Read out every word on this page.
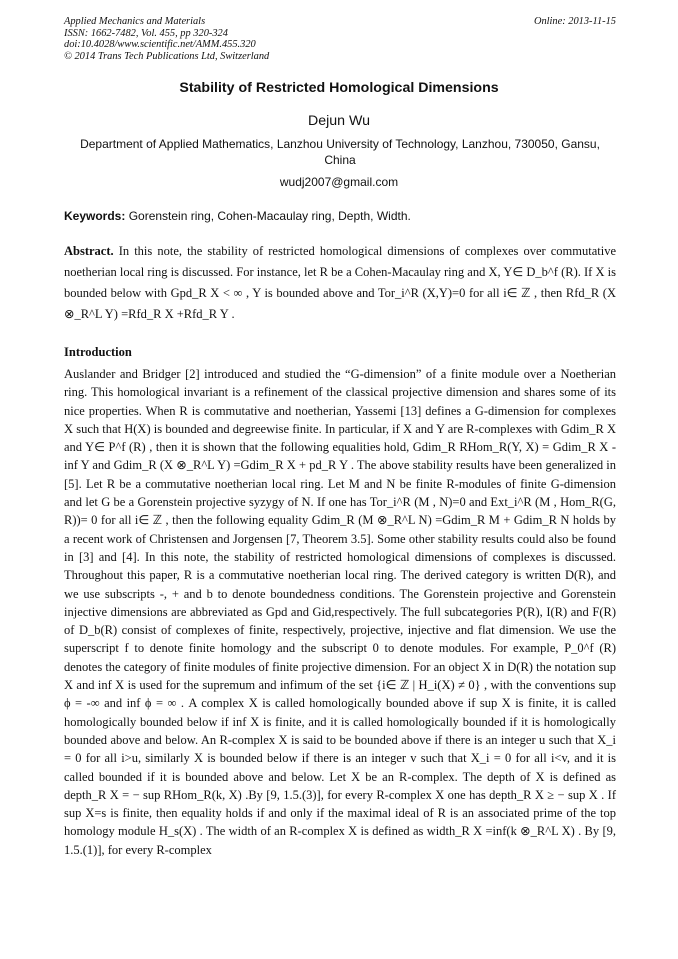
Applied Mechanics and Materials
ISSN: 1662-7482, Vol. 455, pp 320-324
doi:10.4028/www.scientific.net/AMM.455.320
© 2014 Trans Tech Publications Ltd, Switzerland
Online: 2013-11-15
Stability of Restricted Homological Dimensions
Dejun Wu
Department of Applied Mathematics, Lanzhou University of Technology, Lanzhou, 730050, Gansu, China
wudj2007@gmail.com
Keywords: Gorenstein ring, Cohen-Macaulay ring, Depth, Width.
Abstract. In this note, the stability of restricted homological dimensions of complexes over commutative noetherian local ring is discussed. For instance, let R be a Cohen-Macaulay ring and X, Y∈ D_b^f (R). If X is bounded below with Gpd_R X < ∞ , Y is bounded above and Tor_i^R (X,Y)=0 for all i∈ ℤ , then Rfd_R (X ⊗_R^L Y) =Rfd_R X +Rfd_R Y .
Introduction
Auslander and Bridger [2] introduced and studied the “G-dimension” of a finite module over a Noetherian ring. This homological invariant is a refinement of the classical projective dimension and shares some of its nice properties. When R is commutative and noetherian, Yassemi [13] defines a G-dimension for complexes X such that H(X) is bounded and degreewise finite. In particular, if X and Y are R-complexes with Gdim_R X and Y∈ P^f (R) , then it is shown that the following equalities hold, Gdim_R RHom_R(Y, X) = Gdim_R X - inf Y and Gdim_R (X ⊗_R^L Y) =Gdim_R X + pd_R Y . The above stability results have been generalized in [5]. Let R be a commutative noetherian local ring. Let M and N be finite R-modules of finite G-dimension and let G be a Gorenstein projective syzygy of N. If one has Tor_i^R (M , N)=0 and Ext_i^R (M , Hom_R(G, R))= 0 for all i∈ ℤ , then the following equality Gdim_R (M ⊗_R^L N) =Gdim_R M + Gdim_R N holds by a recent work of Christensen and Jorgensen [7, Theorem 3.5]. Some other stability results could also be found in [3] and [4]. In this note, the stability of restricted homological dimensions of complexes is discussed. Throughout this paper, R is a commutative noetherian local ring. The derived category is written D(R), and we use subscripts -, + and b to denote boundedness conditions. The Gorenstein projective and Gorenstein injective dimensions are abbreviated as Gpd and Gid,respectively. The full subcategories P(R), I(R) and F(R) of D_b(R) consist of complexes of finite, respectively, projective, injective and flat dimension. We use the superscript f to denote finite homology and the subscript 0 to denote modules. For example, P_0^f (R) denotes the category of finite modules of finite projective dimension. For an object X in D(R) the notation sup X and inf X is used for the supremum and infimum of the set {i∈ ℤ | H_i(X) ≠ 0} , with the conventions sup ϕ = -∞ and inf ϕ = ∞ . A complex X is called homologically bounded above if sup X is finite, it is called homologically bounded below if inf X is finite, and it is called homologically bounded if it is homologically bounded above and below. An R-complex X is said to be bounded above if there is an integer u such that X_i = 0 for all i>u, similarly X is bounded below if there is an integer v such that X_i = 0 for all i<v, and it is called bounded if it is bounded above and below. Let X be an R-complex. The depth of X is defined as depth_R X = − sup RHom_R(k, X) .By [9, 1.5.(3)], for every R-complex X one has depth_R X ≥ − sup X . If sup X=s is finite, then equality holds if and only if the maximal ideal of R is an associated prime of the top homology module H_s(X) . The width of an R-complex X is defined as width_R X =inf(k ⊗_R^L X) . By [9, 1.5.(1)], for every R-complex
